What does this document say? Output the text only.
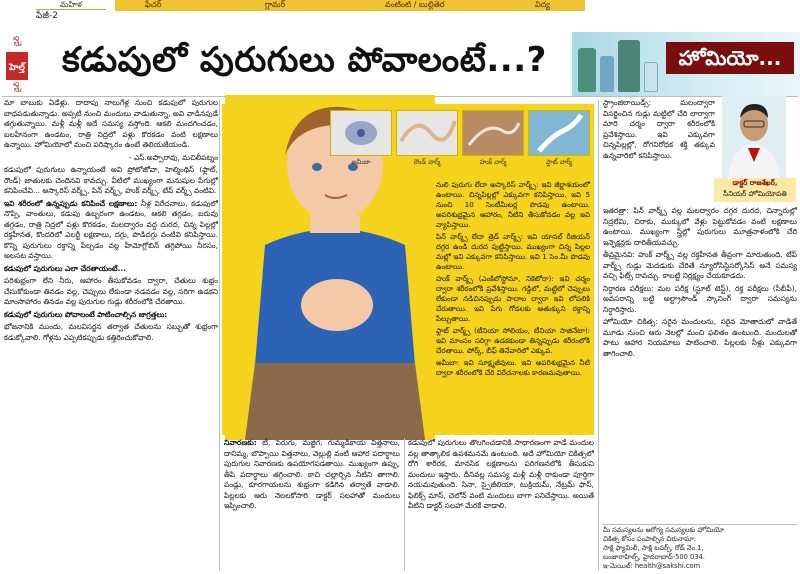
మహిళ	ఫేచర్	గ్లామర్	వంటింటి / బుల్లితెర	విద్య
పేజీ-2
డైలీ
హెల్త్
డైలీ
కడుపులో పురుగులు పోవాలంటే...?	హోమియో...

మా బాబుకు ఏడేళ్లు. దాదాపు నాలుగేళ్ల నుంచి కడుపులో పురుగుల బాధపడుతున్నాడు. అప్పటి నుంచి మందులు వాడుతున్నా, అవి వాడినపుడే తగ్గుతున్నాయి. మళ్లీ మళ్లీ అదే సమస్య వస్తోంది. ఆకలి మందగించడం, బలహీనంగా ఉండటం, రాత్రి నిద్రలో పళ్లు కొరకడం వంటి లక్షణాలు ఉన్నాయి. హోమియోలో మంచి పరిష్కారం ఉంటే తెలియజేయండి.

- ఎస్.అప్పారావు, మచిలీపట్నం

కడుపులో పురుగులు ఉన్నాయంటే అవి ప్రోటోజోవా, హెల్మింథిస్ (ఫ్లాట్, రౌండ్) జాతులకు చెందినవి కావచ్చు. వీటిలో ముఖ్యంగా మనుషుల పేగుల్లో కనిపించేవి... అస్కారిస్ వర్మ్స్, పిన్ వర్మ్స్, హుక్ వర్మ్స్, టేప్ వర్మ్స్ వంటివి.

ఇవి శరీరంలో ఉన్నప్పుడు కనిపించే లక్షణాలు: నీళ్ల విరేచనాలు, కడుపులో నొప్పి, వాంతులు, కడుపు ఉబ్బరంగా ఉండటం, ఆకలి తగ్గడం, బరువు తగ్గడం, రాత్రి నిద్రలో పళ్లు కొరకడం, మలద్వారం వద్ద దురద, చిన్న పిల్లల్లో రక్తహీనత, కొందరిలో ఎలర్జీ లక్షణాలు, దగ్గు, పొడిదగ్గు వంటివి కనిపిస్తాయి. కొన్ని పురుగులు రక్తాన్ని పీల్చడం వల్ల హీమోగ్లోబిన్ తగ్గిపోయి నీరసం, అలసట వస్తాయి.

కడుపులో పురుగులు ఎలా చేరతాయంటే...

పరిశుభ్రంగా లేని నీరు, ఆహారం తీసుకోవడం ద్వారా, చేతులు శుభ్రం చేసుకోకుండా తినడం వల్ల, చెప్పులు లేకుండా నడవడం వల్ల, సరిగా ఉడకని మాంసాహారం తినడం వల్ల పురుగుల గుడ్లు శరీరంలోకి చేరతాయి.

కడుపులో పురుగులు పోవాలంటే పాటించాల్సిన జాగ్రత్తలు:

భోజనానికి ముందు, మలవిసర్జన తర్వాత చేతులను సబ్బుతో శుభ్రంగా కడుక్కోవాలి. గోళ్లను ఎప్పటికప్పుడు కత్తిరించుకోవాలి.

అమీబా	రౌండ్ వార్మ్	హుక్ వార్మ్	ఫ్లాట్ వార్మ్

నులి పురుగు లేదా అస్కారిస్ వార్మ్స్: ఇవి జీర్ణాశయంలో ఉంటాయి. చిన్నపిల్లల్లో ఎక్కువగా కనిపిస్తాయి. ఇవి 5 నుంచి 10 సెంటీమీటర్ల పొడవు ఉంటాయి. అపరిశుభ్రమైన ఆహారం, నీటిని తీసుకోవడం వల్ల ఇవి వ్యాపిస్తాయి.

పిన్ వార్మ్స్ లేదా త్రెడ్ వార్మ్స్: ఇవి యానల్ రీజియన్ దగ్గర ఉండి దురద పుట్టిస్తాయి. ముఖ్యంగా చిన్న పిల్లల మల్లో ఇవి ఎక్కువగా కనిపిస్తాయి. ఇవి 1 సెం.మీ పొడవు ఉంటాయి.

హుక్ వార్మ్స్ (ఎంకిలోస్టోమా, నికెటోరా): ఇవి చర్మం ద్వారా శరీరంలోకి ప్రవేశిస్తాయి. గడ్డిలో, మట్టిలో చెప్పులు లేకుండా నడిచినప్పుడు పాదాల ద్వారా ఇవి లోపలికి చేరుతాయి. ఇవి పేగు గోడలకు అతుక్కుని రక్తాన్ని పీల్చుతాయి.

ఫ్లాట్ వార్మ్స్ (టీనియా సోలియం, టీనియా సాజినేటా): ఇవి మాంసం సరిగ్గా ఉడకకుండా తిన్నప్పుడు శరీరంలోకి చేరతాయి. పోర్క్, బీఫ్ తినేవారిలో ఎక్కువ.

అమీబా: ఇవి సూక్ష్మజీవులు. ఇవి అపరిశుభ్రమైన నీటి ద్వారా శరీరంలోకి చేరి విరేచనాలకు కారణమవుతాయి.

నివారణకు: టీ, పెరుగు, మజ్జిగ, గుమ్మడికాయ విత్తనాలు, దానిమ్మ, బొప్పాయి విత్తనాలు, వెల్లుల్లి వంటి ఆహార పదార్థాలు పురుగుల నివారణకు ఉపయోగపడతాయి. ముఖ్యంగా ఉప్పు, తీపి పదార్థాలు తగ్గించాలి. కాచి చల్లార్చిన నీటిని తాగాలి. పండ్లు, కూరగాయలను శుభ్రంగా కడిగిన తర్వాతే వాడాలి. పిల్లలకు ఆరు నెలలకోసారి డాక్టర్ సలహాతో మందులు ఇప్పించాలి.

కడుపులో పురుగులు తొలగించడానికి సాధారణంగా వాడే మందుల వల్ల తాత్కాలిక ఉపశమనమే ఉంటుంది. అదే హోమియో చికిత్సలో రోగి శారీరక, మానసిక లక్షణాలను పరిగణనలోకి తీసుకుని మందులు ఇస్తారు. దీనివల్ల సమస్య మళ్లీ మళ్లీ రాకుండా పూర్తిగా నయమవుతుంది. సినా, స్పైజీలియా, టుక్రియమ్, నేట్రమ్ ఫాస్, ఫిలిక్స్ మాస్, చెలోన్ వంటి మందులు బాగా పనిచేస్తాయి. అయితే వీటిని డాక్టర్ సలహా మేరకే వాడాలి.

స్ట్రాంజిలాయిడ్స్: మలంద్వారా విసర్జించిన గుడ్లు మట్టిలో చేరి లార్వాగా మారి చర్మం ద్వారా శరీరంలోకి ప్రవేశిస్తాయి. ఇవి ఎక్కువగా చిన్నపిల్లల్లో, రోగనిరోధక శక్తి తక్కువ ఉన్నవారిలో కనిపిస్తాయి.

డాక్టర్ రాజశేఖర్,
సీనియర్ హోమియోపతి

ఇతరత్రా: పిన్ వార్మ్స్ వల్ల మలద్వారం దగ్గర దురద, చిన్నారుల్లో నిద్రలేమి, చిరాకు, ముక్కులో వేళ్లు పెట్టుకోవడం వంటి లక్షణాలు ఉంటాయి. ముఖ్యంగా స్త్రీల్లో పురుగులు మూత్రనాళంలోకి చేరి ఇన్ఫెక్షన్లకు దారితీయవచ్చు.

తీవ్రమైనవి: హుక్ వార్మ్స్ వల్ల రక్తహీనత తీవ్రంగా మారుతుంది. టేప్ వార్మ్స్ గుడ్లు మెదడుకు చేరితే న్యూరోసిస్టిసర్కోసిస్ అనే సమస్య వచ్చి ఫిట్స్ రావచ్చు. కాబట్టి నిర్లక్ష్యం చేయకూడదు.

నిర్ధారణ పరీక్షలు: మల పరీక్ష (స్టూల్ టెస్ట్), రక్త పరీక్షలు (సీబీపీ), అవసరాన్ని బట్టి అల్ట్రాసౌండ్ స్కానింగ్ ద్వారా సమస్యను నిర్ధారిస్తారు.

హోమియో చికిత్స: సరైన మందులను, సరైన మోతాదులో వాడితే మూడు నుంచి ఆరు నెలల్లో మంచి ఫలితం ఉంటుంది. మందులతో పాటు ఆహార నియమాలు పాటించాలి. పిల్లలకు నీళ్లు ఎక్కువగా తాగించాలి.

మీ సమస్యలను ఆరోగ్య సమస్యలకు హోమియో
చికిత్స కోసం పంపాల్సిన చిరునామా:
సాక్షి ఫ్యామిలీ, సాక్షి టవర్స్, రోడ్ నెం.1,
బంజారాహిల్స్, హైదరాబాద్-500 034.
ఇ-మెయిల్: health@sakshi.com
